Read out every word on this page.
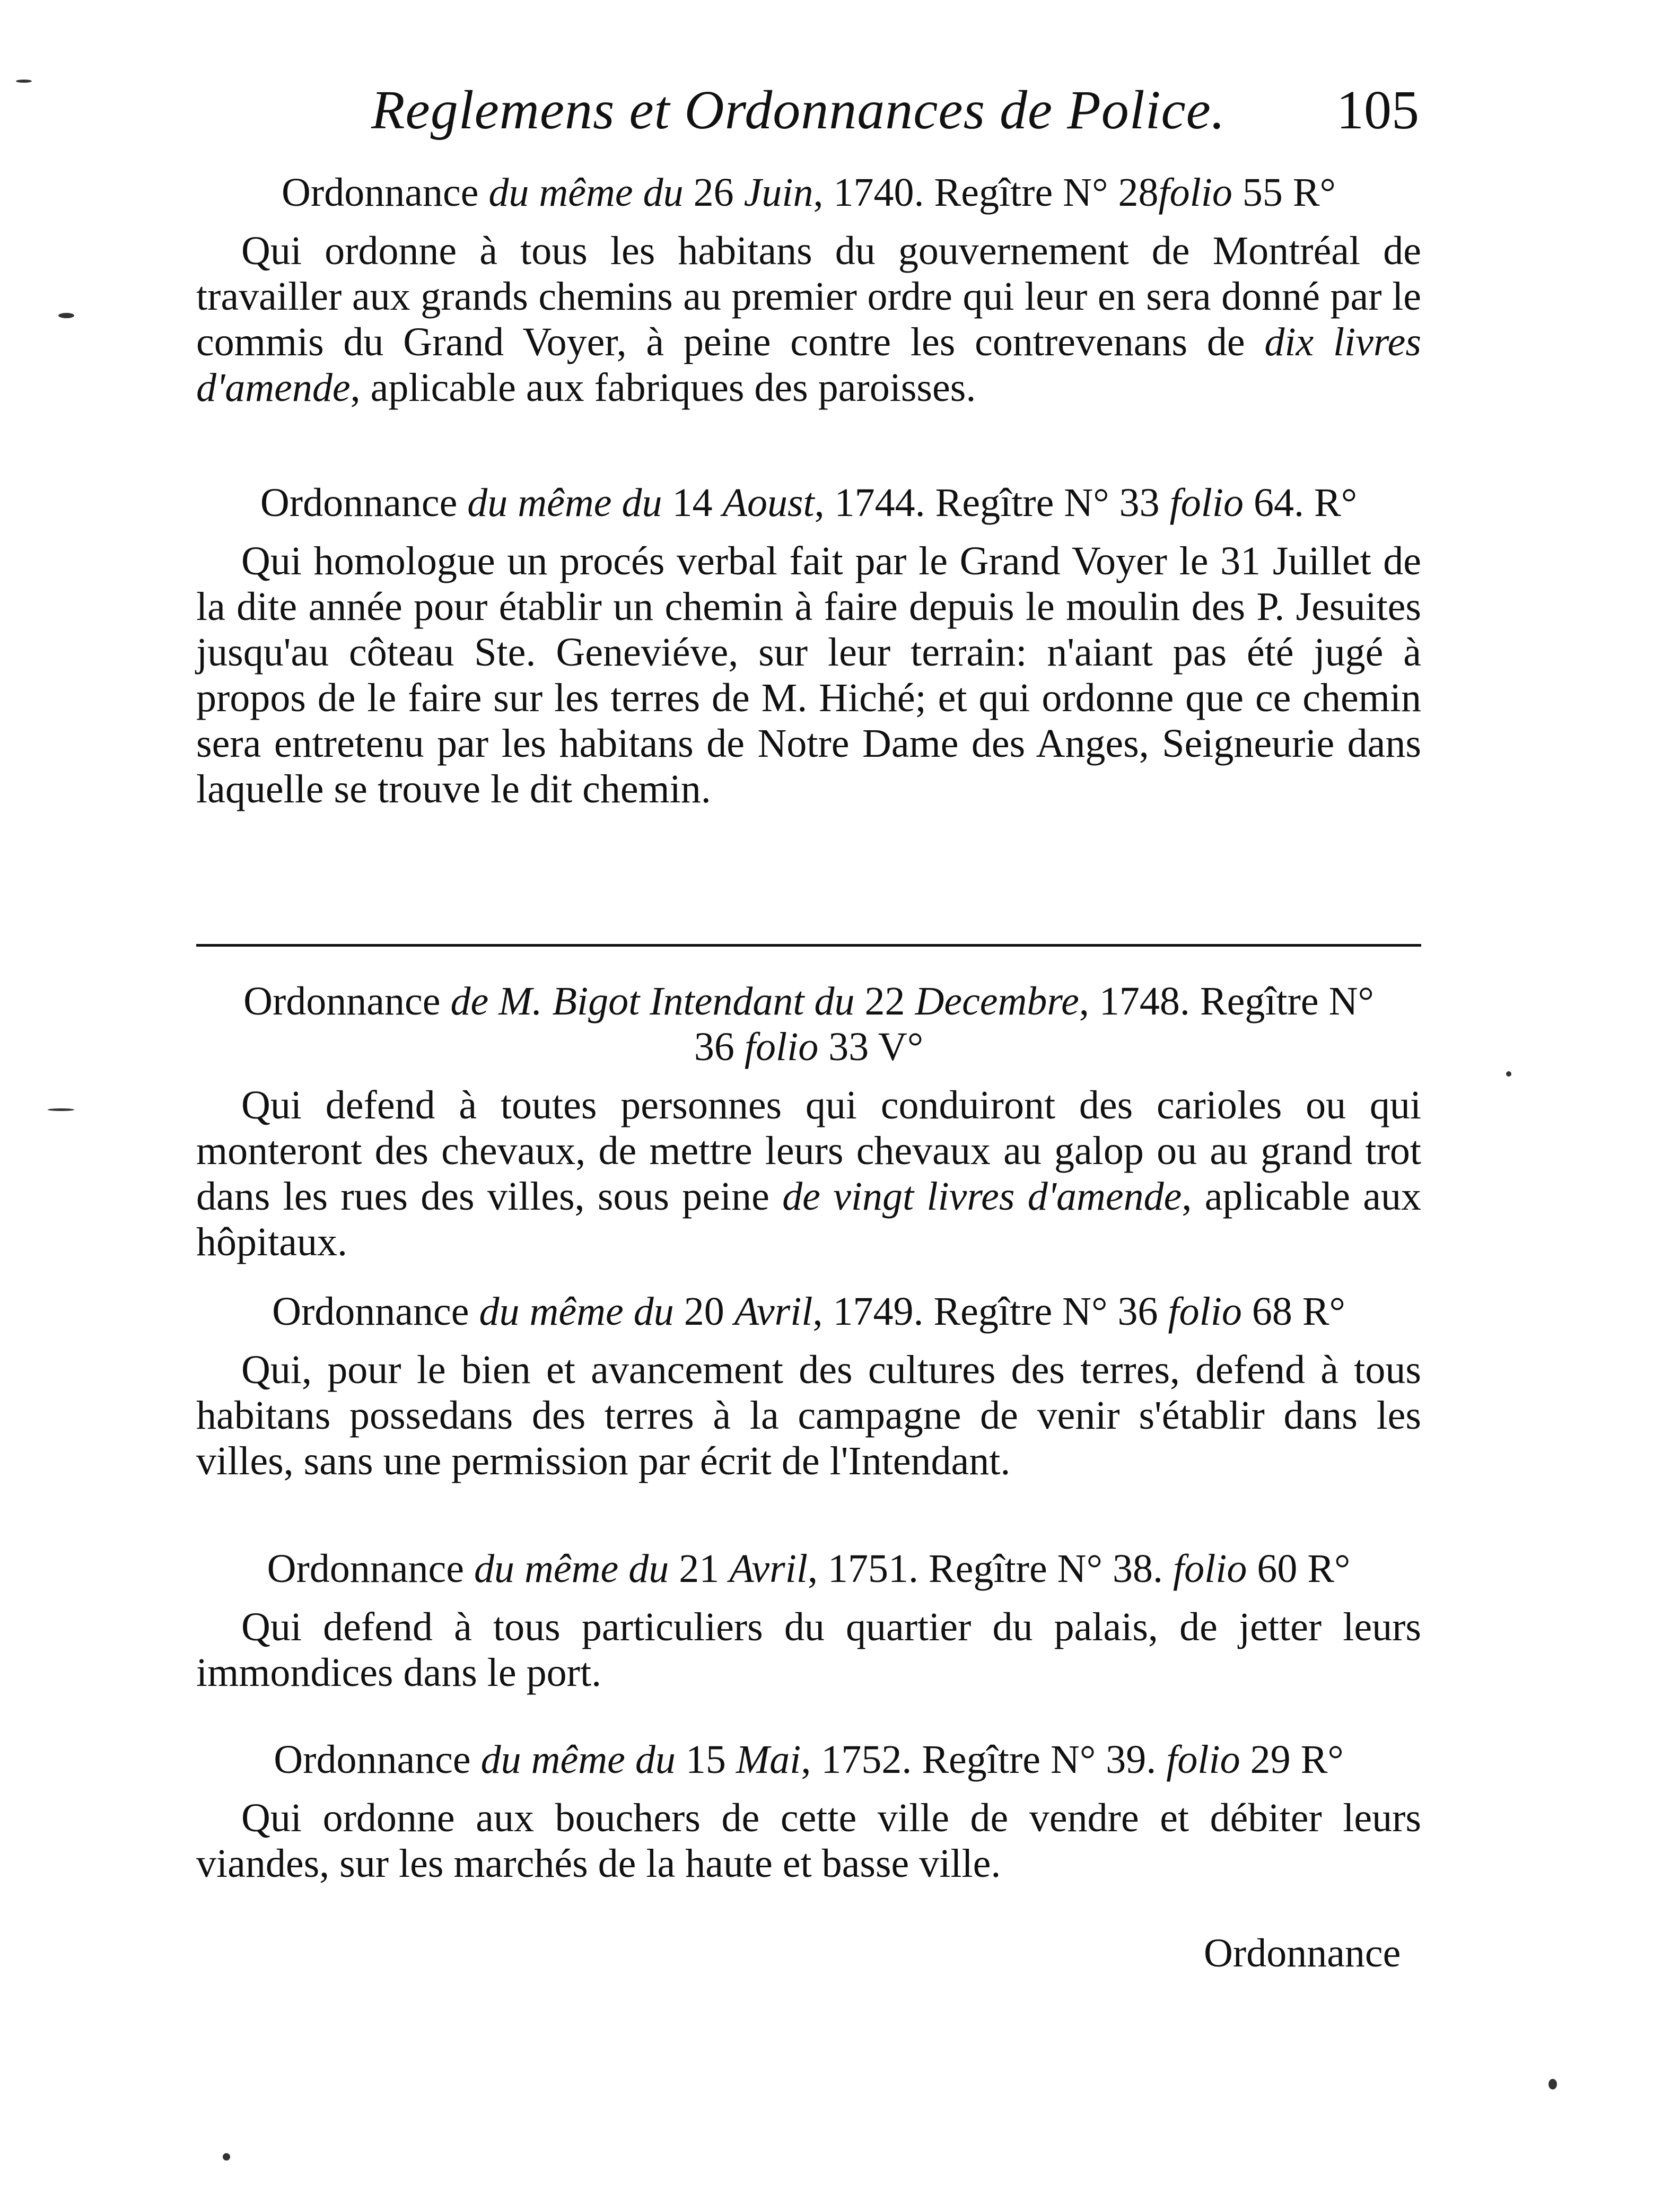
Reglemens et Ordonnances de Police. 105
Ordonnance du même du 26 Juin, 1740. Regître N° 28folio 55 R°
Qui ordonne à tous les habitans du gouvernement de Montréal de travailler aux grands chemins au premier ordre qui leur en sera donné par le commis du Grand Voyer, à peine contre les contrevenans de dix livres d'amende, aplicable aux fabriques des paroisses.
Ordonnance du même du 14 Aoust, 1744. Regître N° 33 folio 64. R°
Qui homologue un procés verbal fait par le Grand Voyer le 31 Juillet de la dite année pour établir un chemin à faire depuis le moulin des P. Jesuites jusqu'au côteau Ste. Geneviéve, sur leur terrain: n'aiant pas été jugé à propos de le faire sur les terres de M. Hiché; et qui ordonne que ce chemin sera entretenu par les habitans de Notre Dame des Anges, Seigneurie dans laquelle se trouve le dit chemin.
Ordonnance de M. Bigot Intendant du 22 Decembre, 1748. Regître N° 36 folio 33 V°
Qui defend à toutes personnes qui conduiront des carioles ou qui monteront des chevaux, de mettre leurs chevaux au galop ou au grand trot dans les rues des villes, sous peine de vingt livres d'amende, aplicable aux hôpitaux.
Ordonnance du même du 20 Avril, 1749. Regître N° 36 folio 68 R°
Qui, pour le bien et avancement des cultures des terres, defend à tous habitans possedans des terres à la campagne de venir s'établir dans les villes, sans une permission par écrit de l'Intendant.
Ordonnance du même du 21 Avril, 1751. Regître N° 38. folio 60 R°
Qui defend à tous particuliers du quartier du palais, de jetter leurs immondices dans le port.
Ordonnance du même du 15 Mai, 1752. Regître N° 39. folio 29 R°
Qui ordonne aux bouchers de cette ville de vendre et débiter leurs viandes, sur les marchés de la haute et basse ville.
Ordonnance
